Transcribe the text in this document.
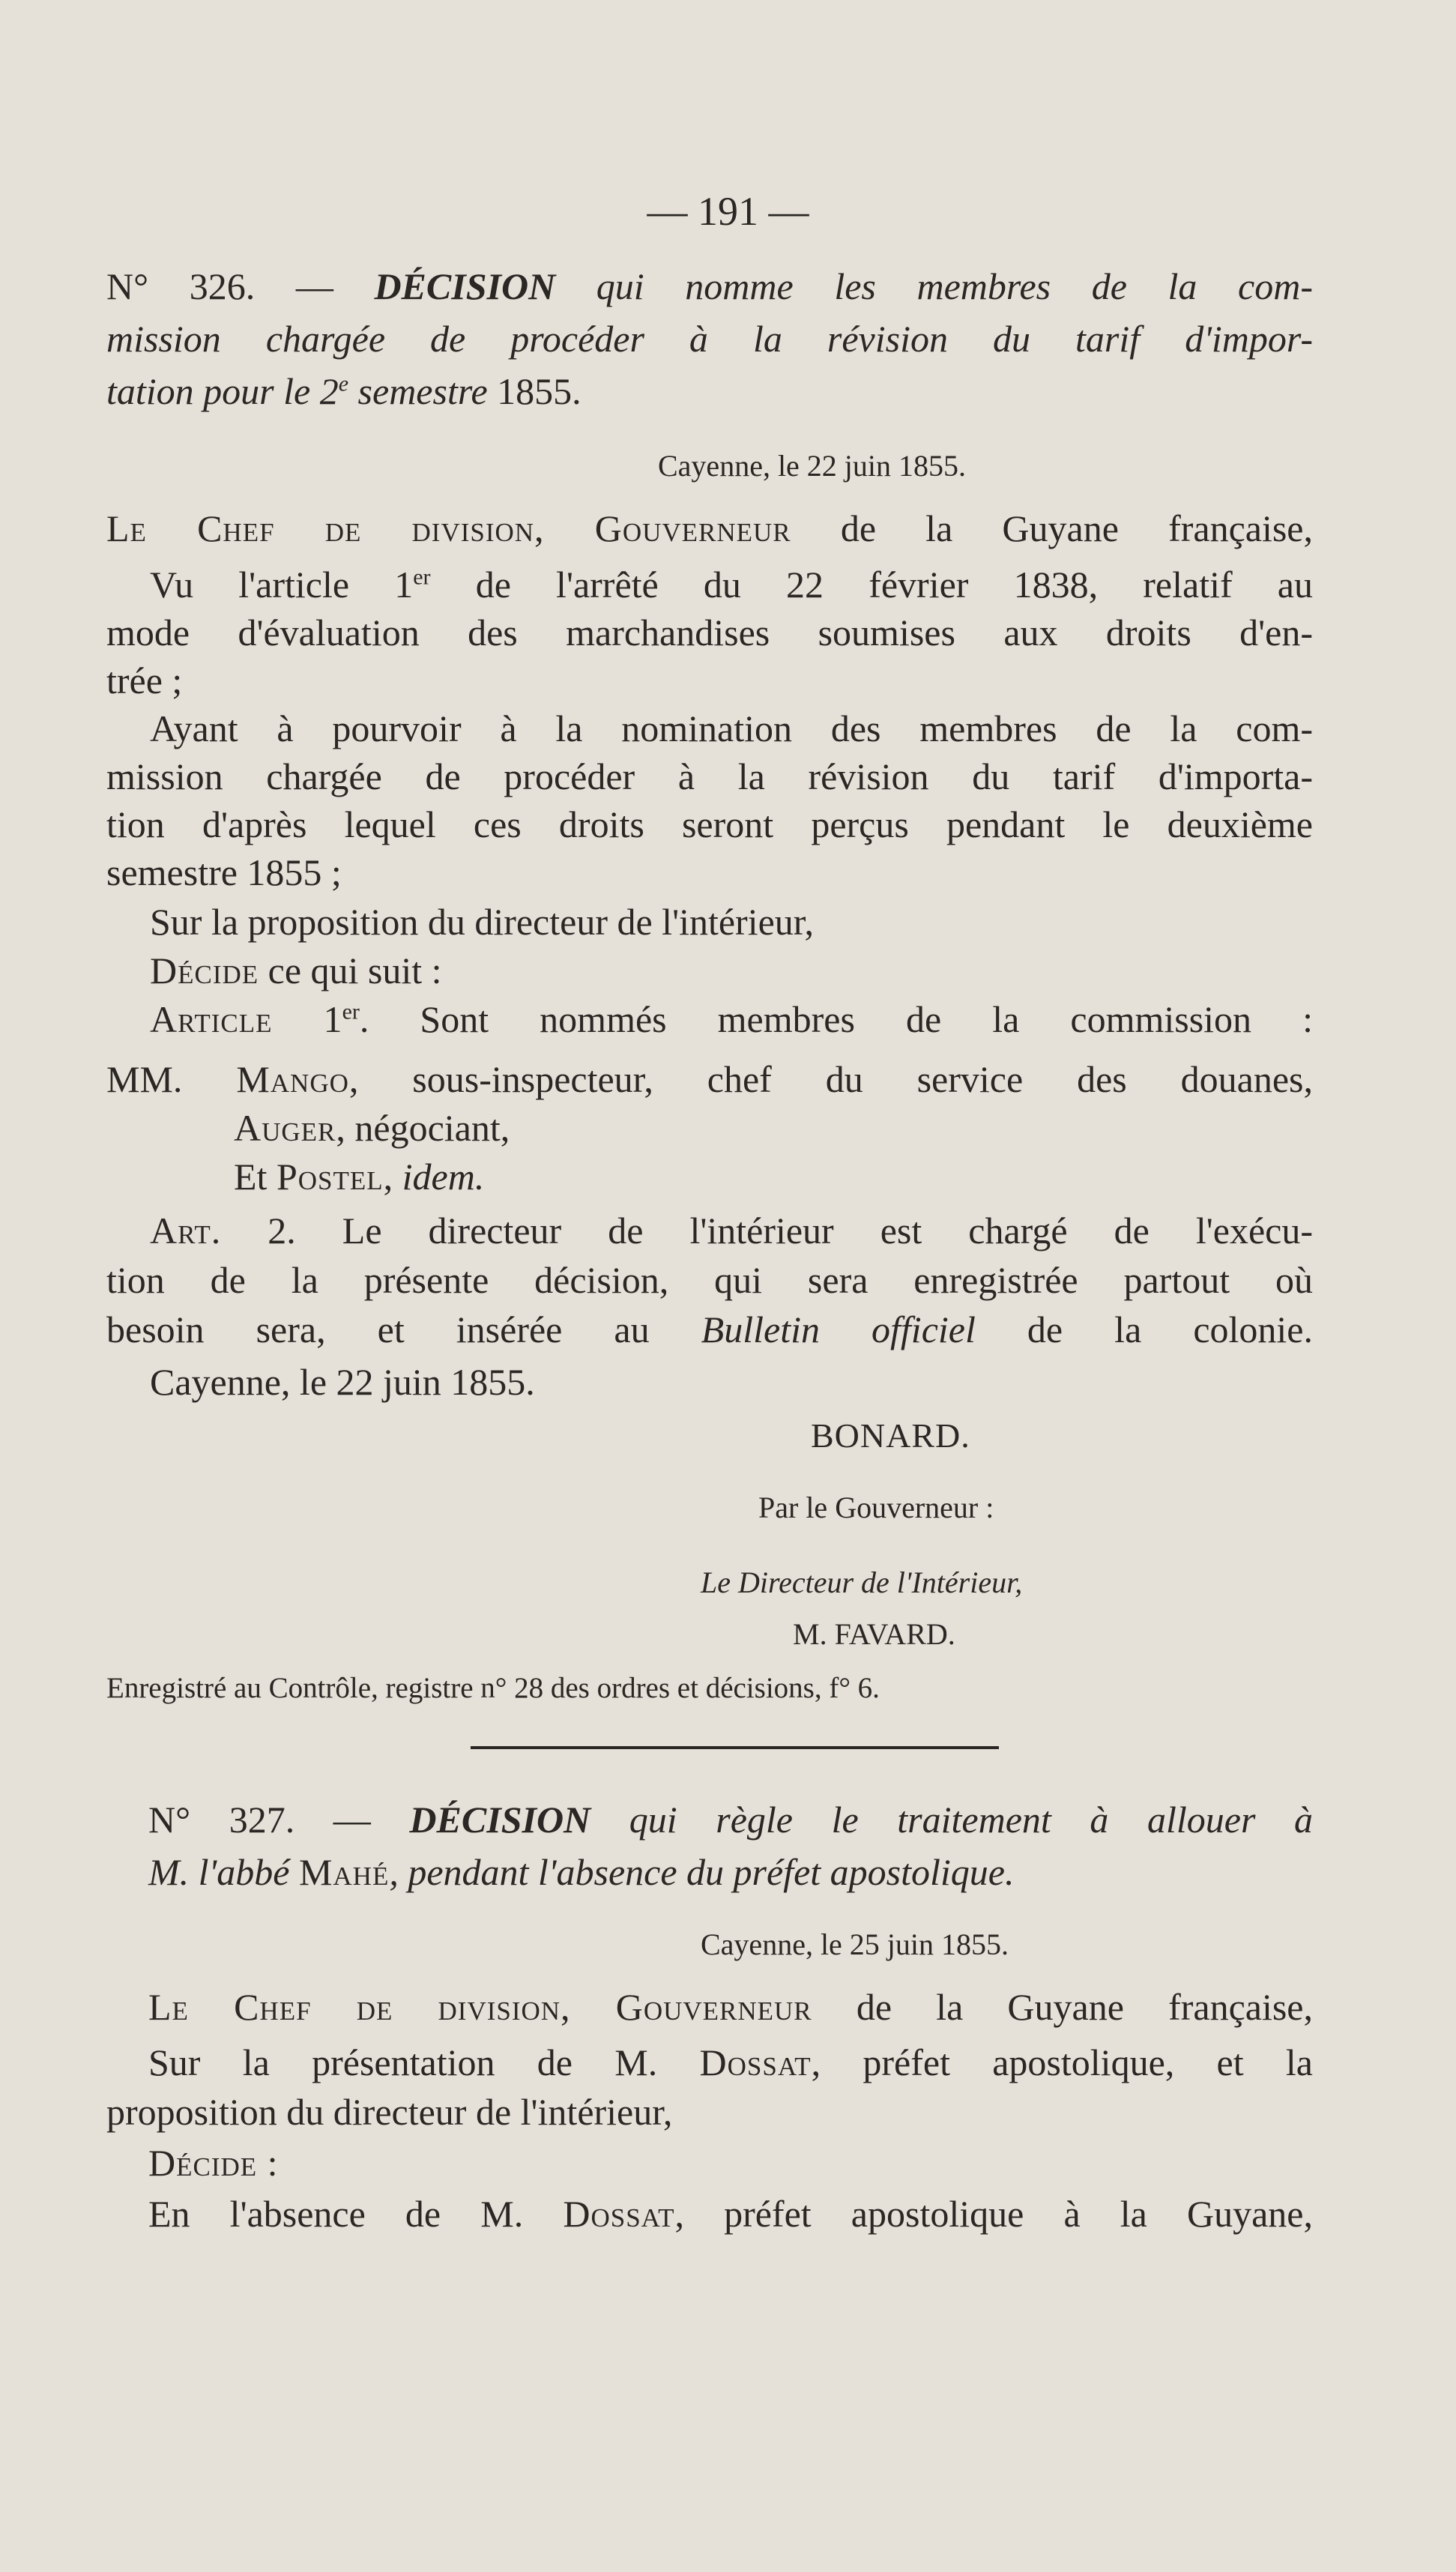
— 191 —
N° 326. — DÉCISION qui nomme les membres de la com-
mission chargée de procéder à la révision du tarif d'impor-
tation pour le 2e semestre 1855.
Cayenne, le 22 juin 1855.
Le Chef de division, Gouverneur de la Guyane française,
Vu l'article 1er de l'arrêté du 22 février 1838, relatif au
mode d'évaluation des marchandises soumises aux droits d'en-
trée ;
Ayant à pourvoir à la nomination des membres de la com-
mission chargée de procéder à la révision du tarif d'importa-
tion d'après lequel ces droits seront perçus pendant le deuxième
semestre 1855 ;
Sur la proposition du directeur de l'intérieur,
Décide ce qui suit :
Article 1er. Sont nommés membres de la commission :
MM. Mango, sous-inspecteur, chef du service des douanes,
Auger, négociant,
Et Postel, idem.
Art. 2. Le directeur de l'intérieur est chargé de l'exécu-
tion de la présente décision, qui sera enregistrée partout où
besoin sera, et insérée au Bulletin officiel de la colonie.
Cayenne, le 22 juin 1855.
BONARD.
Par le Gouverneur :
Le Directeur de l'Intérieur,
M. FAVARD.
Enregistré au Contrôle, registre n° 28 des ordres et décisions, f° 6.
N° 327. — DÉCISION qui règle le traitement à allouer à
M. l'abbé Mahé, pendant l'absence du préfet apostolique.
Cayenne, le 25 juin 1855.
Le Chef de division, Gouverneur de la Guyane française,
Sur la présentation de M. Dossat, préfet apostolique, et la
proposition du directeur de l'intérieur,
Décide :
En l'absence de M. Dossat, préfet apostolique à la Guyane,
